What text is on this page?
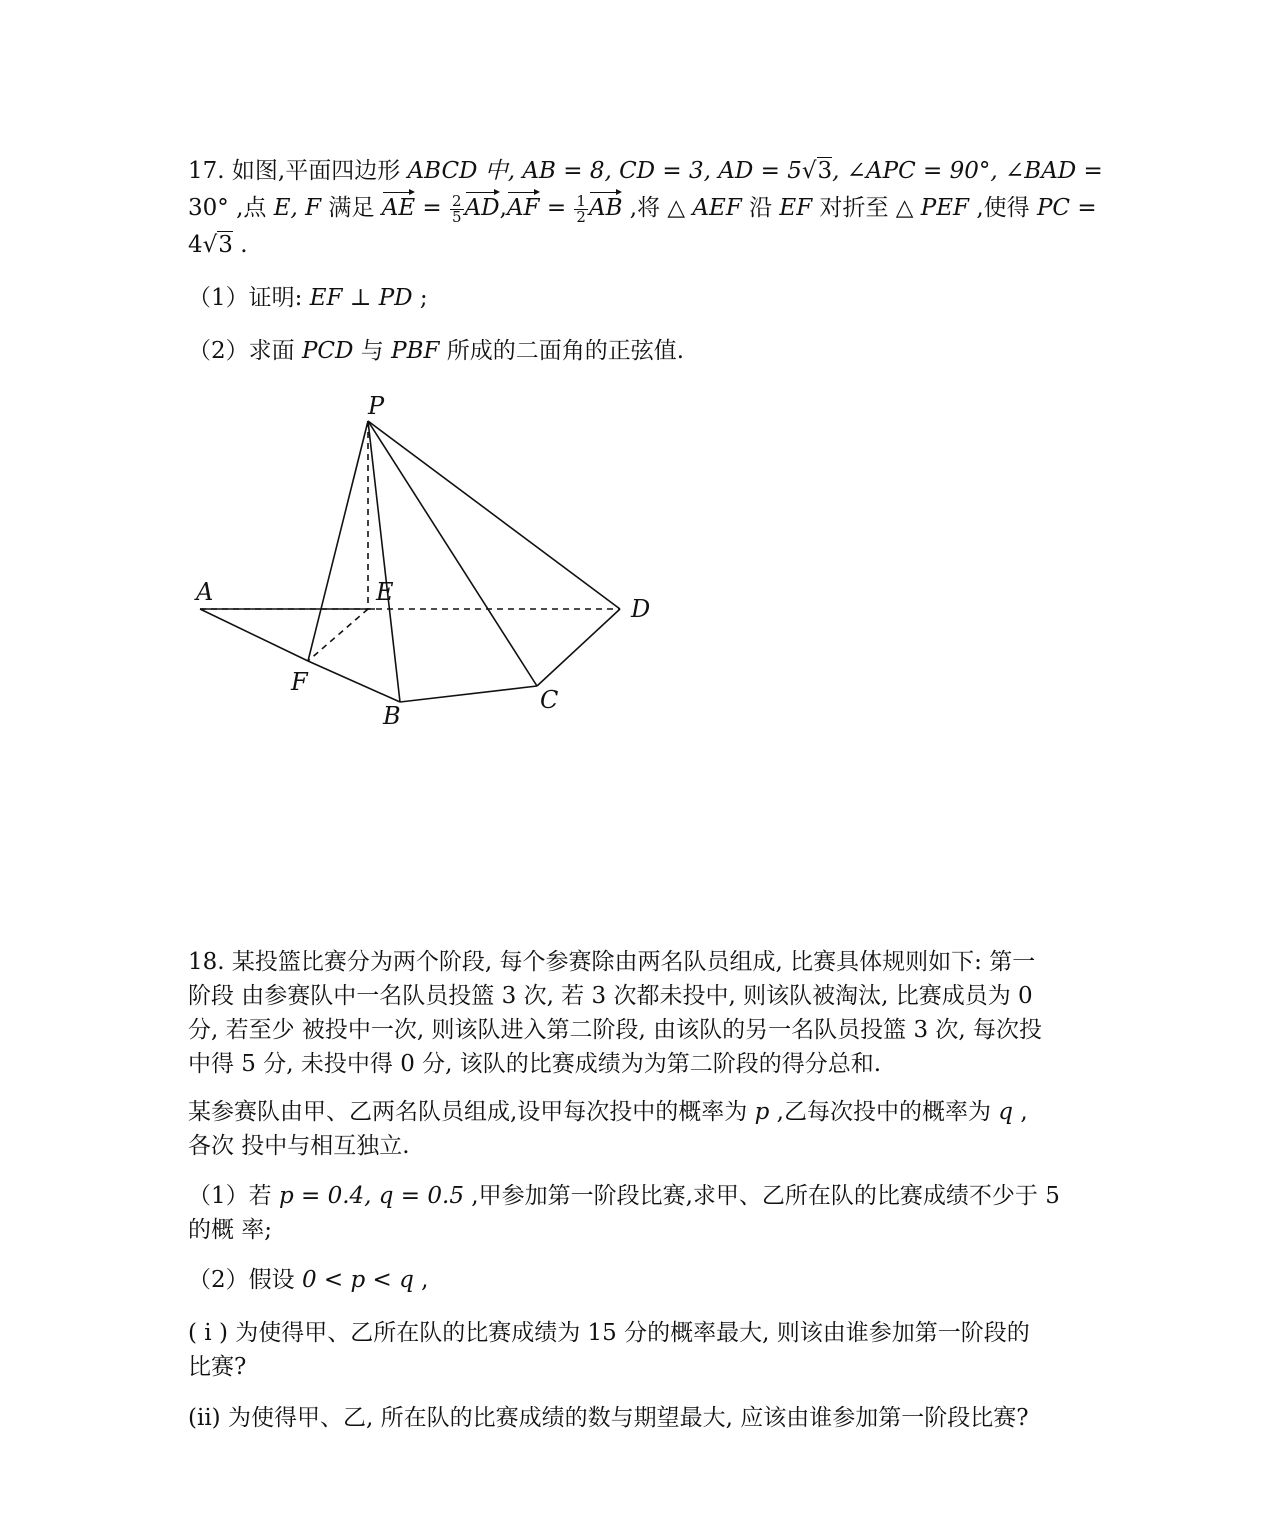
17. 如图,平面四边形 ABCD 中, AB = 8, CD = 3, AD = 5√3, ∠APC = 90°, ∠BAD =
30° ,点 E, F 满足 AE = $\frac{2}{5} AD,AF = \frac{1}{2}$ AB ,将 △ AEF 沿 EF 对折至 △ PEF ,使得 PC =
4√3 .
（1）证明: EF ⊥ PD ;
（2）求面 PCD 与 PBF 所成的二面角的正弦值.
P
A	E
D
F
B
C
18. 某投篮比赛分为两个阶段, 每个参赛除由两名队员组成, 比赛具体规则如下: 第一
阶段 由参赛队中一名队员投篮 3 次, 若 3 次都未投中, 则该队被淘汰, 比赛成员为 0
分, 若至少 被投中一次, 则该队进入第二阶段, 由该队的另一名队员投篮 3 次, 每次投
中得 5 分, 未投中得 0 分, 该队的比赛成绩为为第二阶段的得分总和.
某参赛队由甲、乙两名队员组成,设甲每次投中的概率为 p ,乙每次投中的概率为 q ,
各次 投中与相互独立.
（1）若 p = 0.4, q = 0.5 ,甲参加第一阶段比赛,求甲、乙所在队的比赛成绩不少于 5
的概 率;
（2）假设 0 < p < q ,
( i ) 为使得甲、乙所在队的比赛成绩为 15 分的概率最大, 则该由谁参加第一阶段的
比赛?
(ii) 为使得甲、乙, 所在队的比赛成绩的数与期望最大, 应该由谁参加第一阶段比赛?
